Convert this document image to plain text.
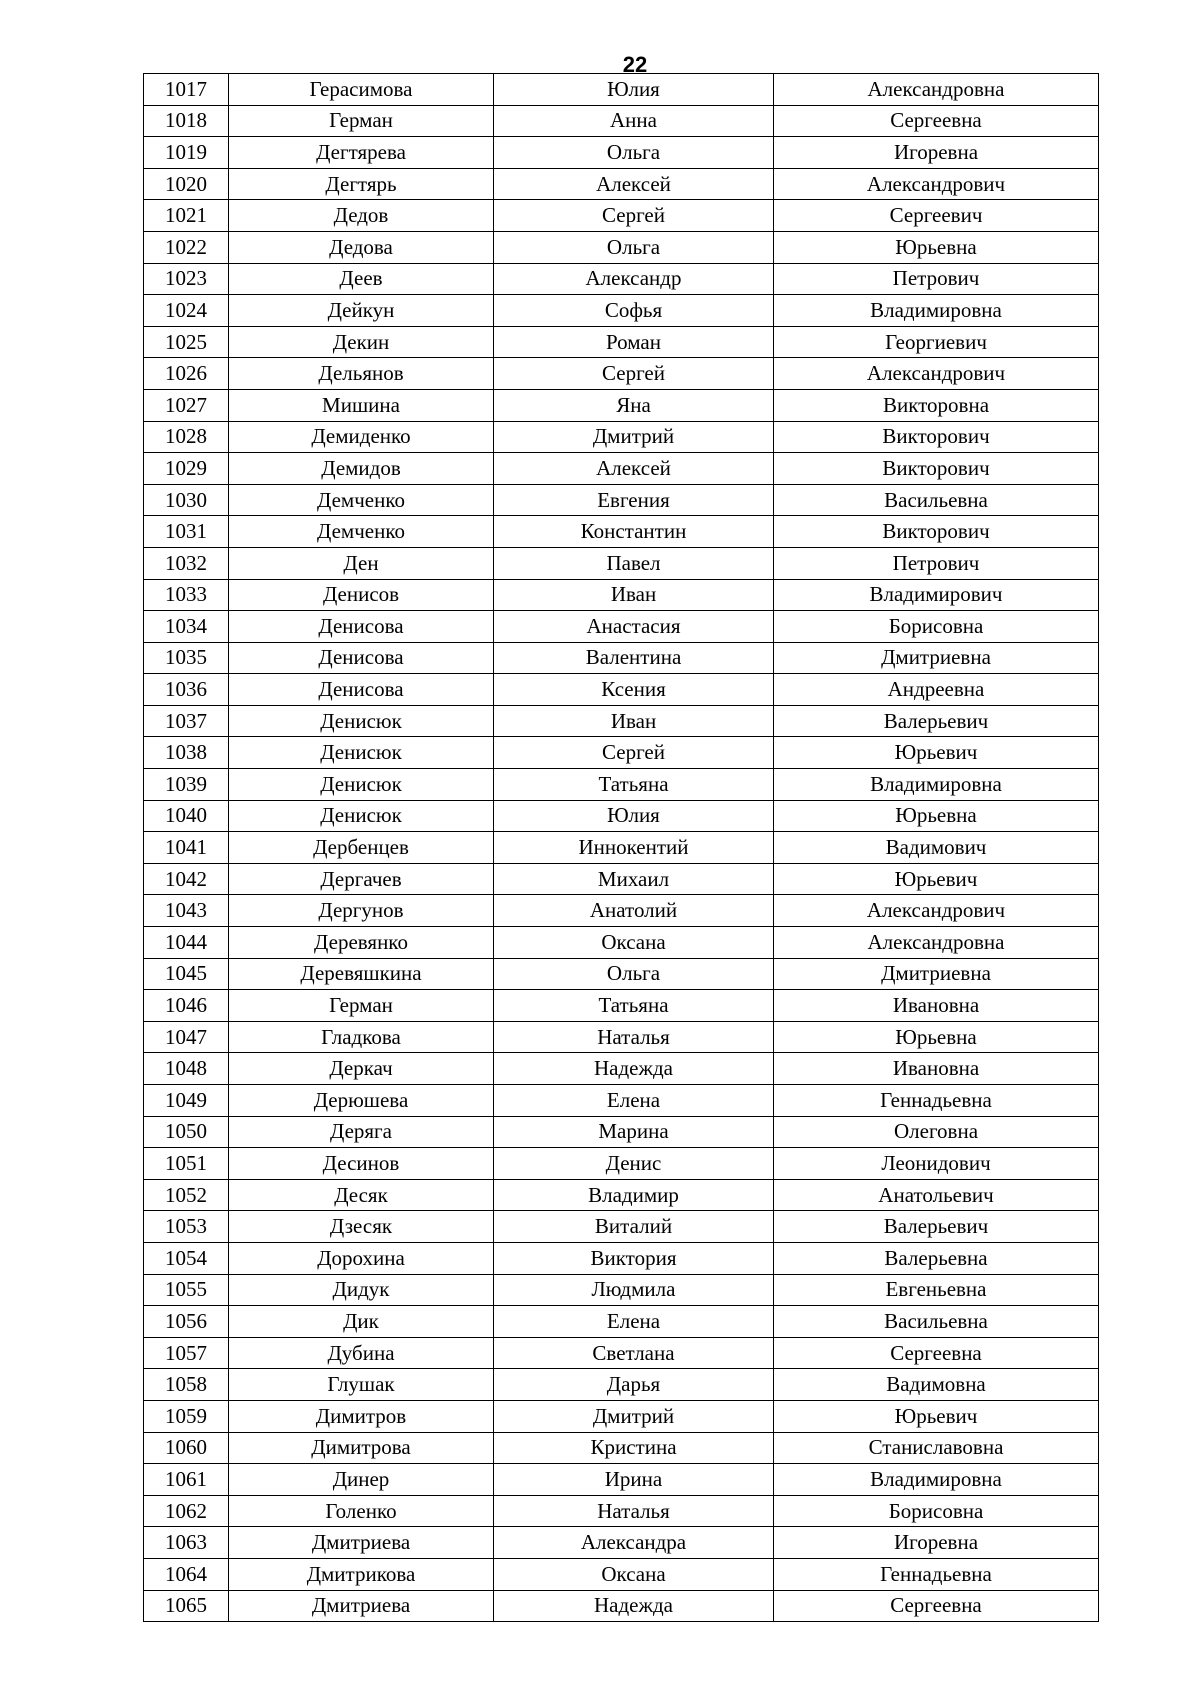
22
1017	Герасимова	Юлия	Александровна
1018	Герман	Анна	Сергеевна
1019	Дегтярева	Ольга	Игоревна
1020	Дегтярь	Алексей	Александрович
1021	Дедов	Сергей	Сергеевич
1022	Дедова	Ольга	Юрьевна
1023	Деев	Александр	Петрович
1024	Дейкун	Софья	Владимировна
1025	Декин	Роман	Георгиевич
1026	Дельянов	Сергей	Александрович
1027	Мишина	Яна	Викторовна
1028	Демиденко	Дмитрий	Викторович
1029	Демидов	Алексей	Викторович
1030	Демченко	Евгения	Васильевна
1031	Демченко	Константин	Викторович
1032	Ден	Павел	Петрович
1033	Денисов	Иван	Владимирович
1034	Денисова	Анастасия	Борисовна
1035	Денисова	Валентина	Дмитриевна
1036	Денисова	Ксения	Андреевна
1037	Денисюк	Иван	Валерьевич
1038	Денисюк	Сергей	Юрьевич
1039	Денисюк	Татьяна	Владимировна
1040	Денисюк	Юлия	Юрьевна
1041	Дербенцев	Иннокентий	Вадимович
1042	Дергачев	Михаил	Юрьевич
1043	Дергунов	Анатолий	Александрович
1044	Деревянко	Оксана	Александровна
1045	Деревяшкина	Ольга	Дмитриевна
1046	Герман	Татьяна	Ивановна
1047	Гладкова	Наталья	Юрьевна
1048	Деркач	Надежда	Ивановна
1049	Дерюшева	Елена	Геннадьевна
1050	Деряга	Марина	Олеговна
1051	Десинов	Денис	Леонидович
1052	Десяк	Владимир	Анатольевич
1053	Дзесяк	Виталий	Валерьевич
1054	Дорохина	Виктория	Валерьевна
1055	Дидук	Людмила	Евгеньевна
1056	Дик	Елена	Васильевна
1057	Дубина	Светлана	Сергеевна
1058	Глушак	Дарья	Вадимовна
1059	Димитров	Дмитрий	Юрьевич
1060	Димитрова	Кристина	Станиславовна
1061	Динер	Ирина	Владимировна
1062	Голенко	Наталья	Борисовна
1063	Дмитриева	Александра	Игоревна
1064	Дмитрикова	Оксана	Геннадьевна
1065	Дмитриева	Надежда	Сергеевна
